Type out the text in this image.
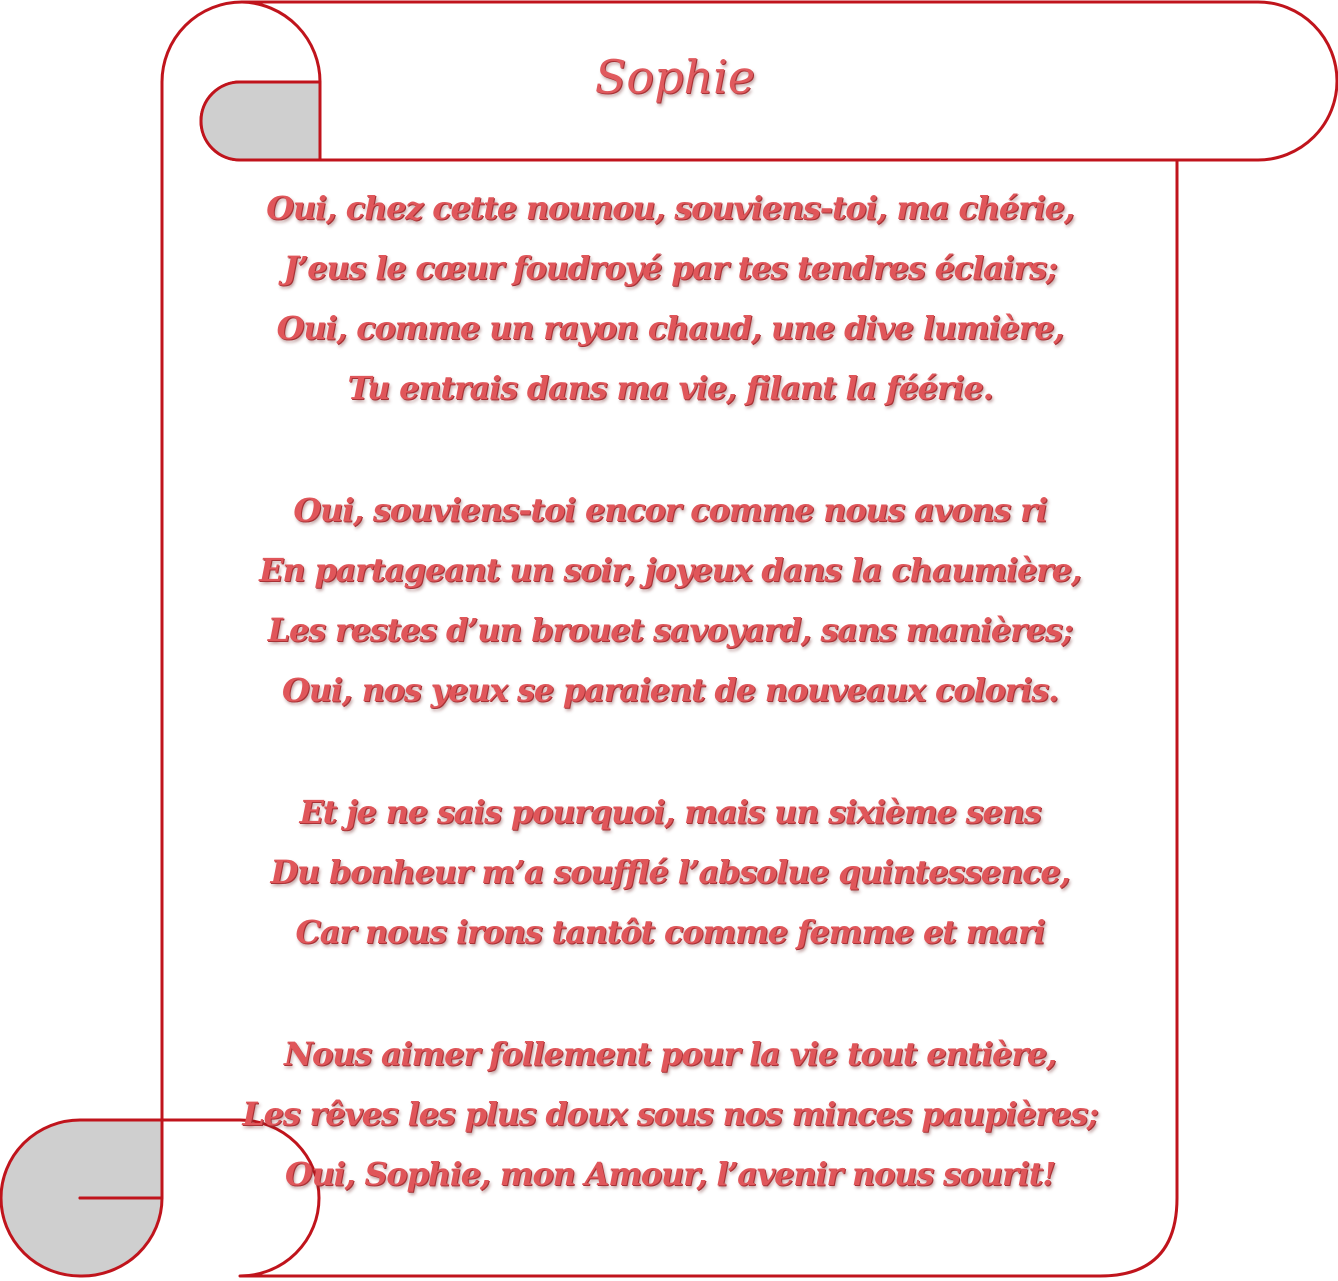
Sophie
Oui, chez cette nounou, souviens-toi, ma chérie,
J’eus le cœur foudroyé par tes tendres éclairs;
Oui, comme un rayon chaud, une dive lumière,
Tu entrais dans ma vie, filant la féérie.
Oui, souviens-toi encor comme nous avons ri
En partageant un soir, joyeux dans la chaumière,
Les restes d’un brouet savoyard, sans manières;
Oui, nos yeux se paraient de nouveaux coloris.
Et je ne sais pourquoi, mais un sixième sens
Du bonheur m’a soufflé l’absolue quintessence,
Car nous irons tantôt comme femme et mari
Nous aimer follement pour la vie tout entière,
Les rêves les plus doux sous nos minces paupières;
Oui, Sophie, mon Amour, l’avenir nous sourit!
